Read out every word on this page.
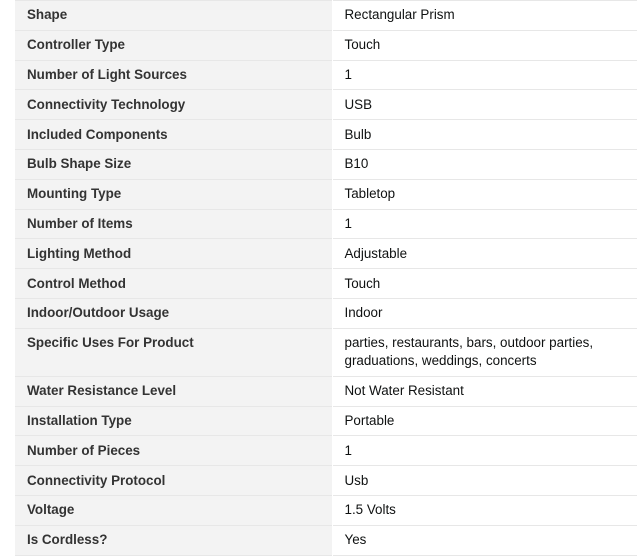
Shape	Rectangular Prism
Controller Type	Touch
Number of Light Sources	1
Connectivity Technology	USB
Included Components	Bulb
Bulb Shape Size	B10
Mounting Type	Tabletop
Number of Items	1
Lighting Method	Adjustable
Control Method	Touch
Indoor/Outdoor Usage	Indoor
Specific Uses For Product	parties, restaurants, bars, outdoor parties, graduations, weddings, concerts
Water Resistance Level	Not Water Resistant
Installation Type	Portable
Number of Pieces	1
Connectivity Protocol	Usb
Voltage	1.5 Volts
Is Cordless?	Yes
